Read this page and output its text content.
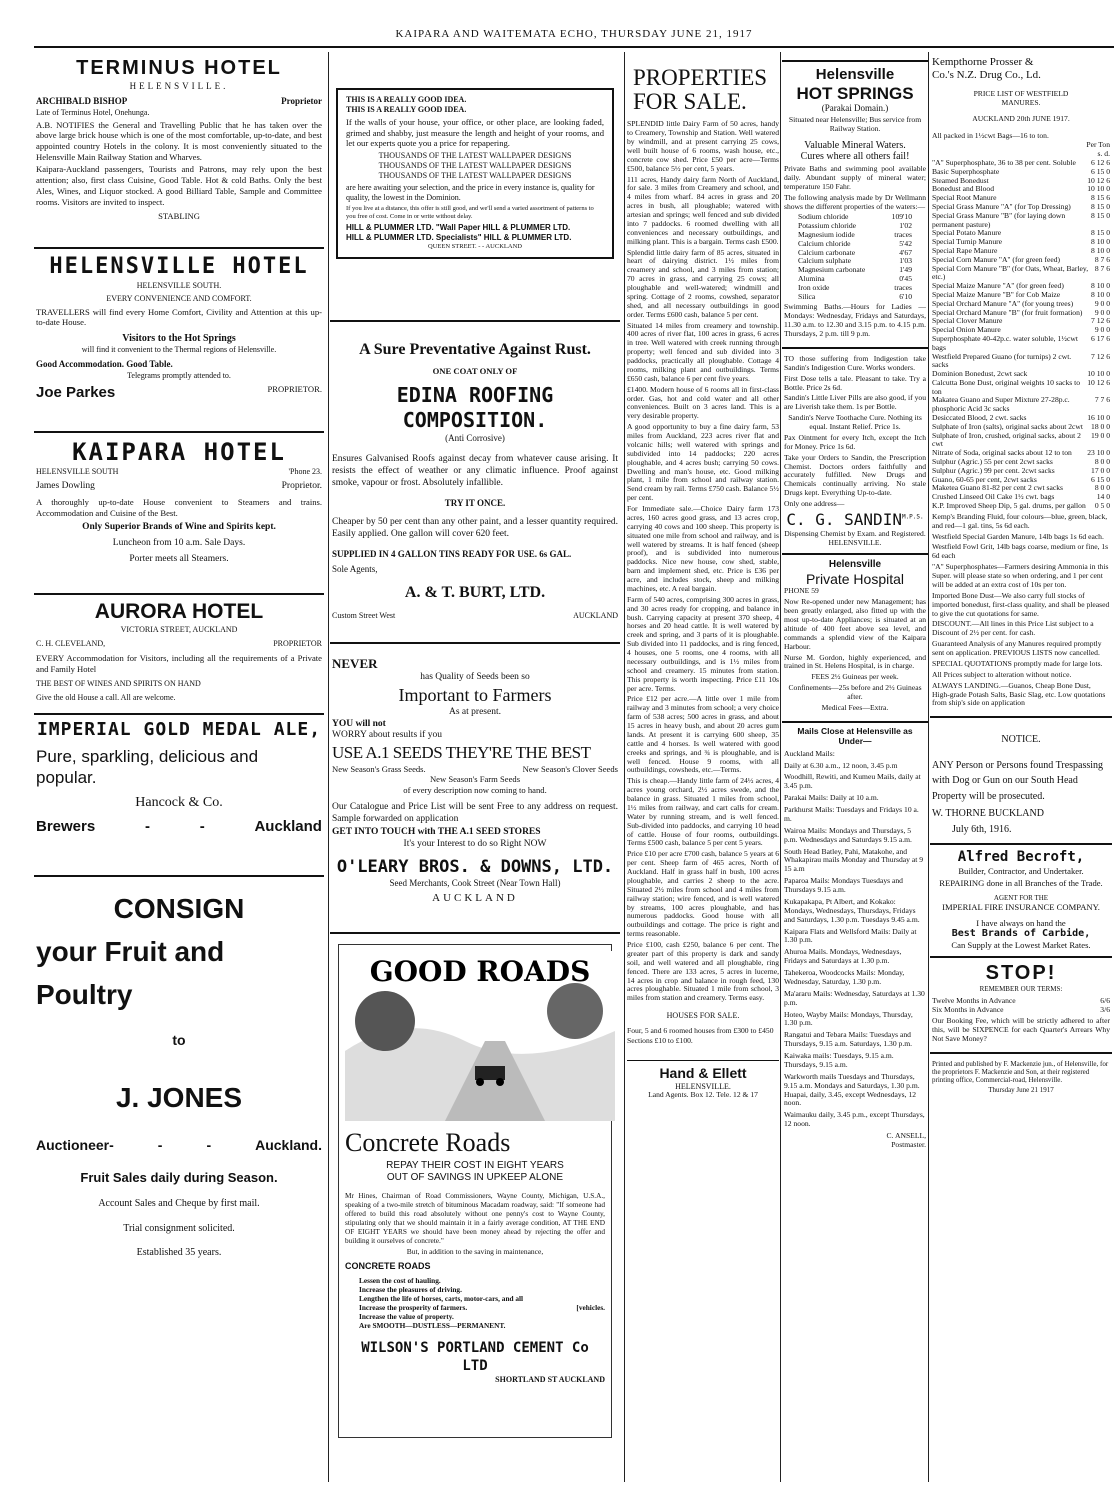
KAIPARA AND WAITEMATA ECHO, THURSDAY JUNE 21, 1917
TERMINUS HOTEL
HELENSVILLE.
ARCHIBALD BISHOP	Proprietor
Late of Terminus Hotel, Onehunga.

A.B. NOTIFIES the General and Travelling Public that he has taken over the above large brick house which is one of the most comfortable, up-to-date, and best appointed country Hotels in the colony. It is most conveniently situated to the Helensville Main Railway Station and Wharves.

Kaipara-Auckland passengers, Tourists and Patrons, may rely upon the best attention; also, first class Cuisine, Good Table. Hot & cold Baths. Only the best Ales, Wines, and Liquor stocked. A good Billiard Table, Sample and Committee rooms. Visitors are invited to inspect.

STABLING
HELENSVILLE HOTEL
HELENSVILLE SOUTH.
EVERY CONVENIENCE AND COMFORT.

TRAVELLERS will find every Home Comfort, Civility and Attention at this up-to-date House.

Visitors to the Hot Springs
will find it convenient to the Thermal regions of Helensville.
Good Accommodation. Good Table.
Telegrams promptly attended to.
Joe Parkes	PROPRIETOR.
KAIPARA HOTEL
HELENSVILLE SOUTH	'Phone 23.
James Dowling	Proprietor.

A thoroughly up-to-date House convenient to Steamers and trains. Accommodation and Cuisine of the Best.

Only Superior Brands of Wine and Spirits kept.
Luncheon from 10 a.m. Sale Days.
Porter meets all Steamers.
AURORA HOTEL
VICTORIA STREET, AUCKLAND
C. H. CLEVELAND,	PROPRIETOR

EVERY Accommodation for Visitors, including all the requirements of a Private and Family Hotel

THE BEST OF WINES AND SPIRITS ON HAND
Give the old House a call. All are welcome.
IMPERIAL GOLD MEDAL ALE,
Pure, sparkling, delicious and popular.
Hancock & Co.
Brewers	-	-	Auckland
CONSIGN
your Fruit and
Poultry
to
J. JONES
Auctioneer-	-	-	Auckland.
Fruit Sales daily during Season.
Account Sales and Cheque by first mail.
Trial consignment solicited.
Established 35 years.
THIS IS A REALLY GOOD IDEA.
THIS IS A REALLY GOOD IDEA.

If the walls of your house, your office, or other place, are looking faded, grimed and shabby, just measure the length and height of your rooms, and let our experts quote you a price for repapering.

THOUSANDS OF THE LATEST WALLPAPER DESIGNS
THOUSANDS OF THE LATEST WALLPAPER DESIGNS
THOUSANDS OF THE LATEST WALLPAPER DESIGNS

are here awaiting your selection, and the price in every instance is, quality for quality, the lowest in the Dominion.

If you live at a distance, this offer is still good, and we'll send a varied assortment of patterns to you free of cost. Come in or write without delay.

HILL & PLUMMER LTD. "Wall Paper HILL & PLUMMER LTD.
HILL & PLUMMER LTD. Specialists" HILL & PLUMMER LTD.
QUEEN STREET. - - AUCKLAND
A Sure Preventative Against Rust.
ONE COAT ONLY OF
EDINA ROOFING COMPOSITION.
(Anti Corrosive)

Ensures Galvanised Roofs against decay from whatever cause arising. It resists the effect of weather or any climatic influence. Proof against smoke, vapour or frost. Absolutely infallible.

TRY IT ONCE.

Cheaper by 50 per cent than any other paint, and a lesser quantity required. Easily applied. One gallon will cover 620 feet.

SUPPLIED IN 4 GALLON TINS READY FOR USE. 6s GAL.
Sole Agents,
A. & T. BURT, LTD.
Custom Street West	AUCKLAND
NEVER
has Quality of Seeds been so
Important to Farmers
As at present.
YOU will not
WORRY about results if you
USE A.1 SEEDS THEY'RE THE BEST
New Season's Grass Seeds.	New Season's Clover Seeds
New Season's Farm Seeds
of every description now coming to hand.

Our Catalogue and Price List will be sent Free to any address on request. Sample forwarded on application

GET INTO TOUCH with THE A.1 SEED STORES
It's your Interest to do so Right NOW
O'LEARY BROS. & DOWNS, LTD.
Seed Merchants, Cook Street (Near Town Hall)
AUCKLAND
GOOD ROADS
Concrete Roads
REPAY THEIR COST IN EIGHT YEARS
OUT OF SAVINGS IN UPKEEP ALONE

Mr Hines, Chairman of Road Commissioners, Wayne County, Michigan, U.S.A., speaking of a two-mile stretch of bituminous Macadam roadway, said: "If someone had offered to build this road absolutely without one penny's cost to Wayne County, stipulating only that we should maintain it in a fairly average condition, AT THE END OF EIGHT YEARS we should have been money ahead by rejecting the offer and building it ourselves of concrete."

But, in addition to the saving in maintenance,
CONCRETE ROADS
Lessen the cost of hauling.
Increase the pleasures of driving.
Lengthen the life of horses, carts, motor-cars, and all
Increase the prosperity of farmers.	[vehicles.
Increase the value of property.
Are SMOOTH—DUSTLESS—PERMANENT.
WILSON'S PORTLAND CEMENT Co LTD
SHORTLAND ST AUCKLAND
PROPERTIES FOR SALE.

SPLENDID little Dairy Farm of 50 acres, handy to Creamery, Township and Station. Well watered by windmill, and at present carrying 25 cows, well built house of 6 rooms, wash house, etc., concrete cow shed. Price £50 per acre—Terms £500, balance 5½ per cent, 5 years.

111 acres, Handy dairy farm North of Auckland, for sale. 3 miles from Creamery and school, and 4 miles from wharf. 84 acres in grass and 20 acres in bush, all ploughable; watered with artesian and springs; well fenced and sub divided into 7 paddocks. 6 roomed dwelling with all conveniences and necessary outbuildings, and milking plant. This is a bargain. Terms cash £500.

Splendid little dairy farm of 85 acres, situated in heart of dairying district. 1½ miles from creamery and school, and 3 miles from station; 70 acres in grass, and carrying 25 cows; all ploughable and well-watered; windmill and spring. Cottage of 2 rooms, cowshed, separator shed, and all necessary outbuildings in good order. Terms £600 cash, balance 5 per cent.

Situated 14 miles from creamery and township. 400 acres of river flat, 100 acres in grass, 6 acres in tree. Well watered with creek running through property; well fenced and sub divided into 3 paddocks, practically all ploughable. Cottage 4 rooms, milking plant and outbuildings. Terms £650 cash, balance 6 per cent five years.

£1400. Modern house of 6 rooms all in first-class order. Gas, hot and cold water and all other conveniences. Built on 3 acres land. This is a very desirable property.

A good opportunity to buy a fine dairy farm, 53 miles from Auckland, 223 acres river flat and volcanic hills; well watered with springs and subdivided into 14 paddocks; 220 acres ploughable, and 4 acres bush; carrying 50 cows. Dwelling and man's house, etc. Good milking plant, 1 mile from school and railway station. Send cream by rail. Terms £750 cash. Balance 5½ per cent.

For Immediate sale.—Choice Dairy farm 173 acres, 160 acres good grass, and 13 acres crop, carrying 40 cows and 100 sheep. This property is situated one mile from school and railway, and is well watered by streams. It is half fenced (sheep proof), and is subdivided into numerous paddocks. Nice new house, cow shed, stable, barn and implement shed, etc. Price is £36 per acre, and includes stock, sheep and milking machines, etc. A real bargain.

Farm of 540 acres, comprising 300 acres in grass, and 30 acres ready for cropping, and balance in bush. Carrying capacity at present 370 sheep, 4 horses and 20 head cattle. It is well watered by creek and spring, and 3 parts of it is ploughable. Sub divided into 11 paddocks, and is ring fenced, 4 houses, one 5 rooms, one 4 rooms, with all necessary outbuildings, and is 1½ miles from school and creamery. 15 minutes from station. This property is worth inspecting. Price £11 10s per acre. Terms.

Price £12 per acre.—A little over 1 mile from railway and 3 minutes from school; a very choice farm of 538 acres; 500 acres in grass, and about 15 acres in heavy bush, and about 20 acres gum lands. At present it is carrying 600 sheep, 35 cattle and 4 horses. Is well watered with good creeks and springs, and ¾ is ploughable, and is well fenced. House 9 rooms, with all outbuildings, cowsheds, etc.—Terms.

This is cheap.—Handy little farm of 24½ acres, 4 acres young orchard, 2½ acres swede, and the balance in grass. Situated 1 miles from school, 1½ miles from railway, and cart calls for cream. Water by running stream, and is well fenced. Sub-divided into paddocks, and carrying 10 head of cattle. House of four rooms, outbuildings. Terms £500 cash, balance 5 per cent 5 years.

Price £10 per acre £700 cash, balance 5 years at 6 per cent. Sheep farm of 465 acres, North of Auckland. Half in grass half in bush, 100 acres ploughable, and carries 2 sheep to the acre. Situated 2½ miles from school and 4 miles from railway station; wire fenced, and is well watered by streams, 100 acres ploughable, and has numerous paddocks. Good house with all outbuildings and cottage. The price is right and terms reasonable.

Price £100, cash £250, balance 6 per cent. The greater part of this property is dark and sandy soil, and well watered and all ploughable, ring fenced. There are 133 acres, 5 acres in lucerne, 14 acres in crop and balance in rough feed, 130 acres ploughable. Situated 1 mile from school, 3 miles from station and creamery. Terms easy.

HOUSES FOR SALE.

Four, 5 and 6 roomed houses from £300 to £450

Sections £10 to £100.

Hand & Ellett
HELENSVILLE.
Land Agents. Box 12. Tele. 12 & 17
Helensville
HOT SPRINGS
(Parakai Domain.)

Situated near Helensville; Bus service from Railway Station.

Valuable Mineral Waters.
Cures where all others fail!

Private Baths and swimming pool available daily. Abundant supply of mineral water; temperature 150 Fahr.

The following analysis made by Dr Wellmann shows the different properties of the waters:—

Sodium chloride	109'10
Potassium chloride	1'02
Magnesium iodide	traces
Calcium chloride	5'42
Calcium carbonate	4'67
Calcium sulphate	1'03
Magnesium carbonate	1'49
Alumina	0'45
Iron oxide	traces
Silica	6'10

Swimming Baths.—Hours for Ladies —Mondays: Wednesday, Fridays and Saturdays, 11.30 a.m. to 12.30 and 3.15 p.m. to 4.15 p.m. Thursdays, 2 p.m. till 9 p.m.

TO those suffering from Indigestion take Sandin's Indigestion Cure. Works wonders.

First Dose tells a tale. Pleasant to take. Try a Bottle. Price 2s 6d.

Sandin's Little Liver Pills are also good, if you are Liverish take them. 1s per Bottle.

Sandin's Nerve Toothache Cure. Nothing its equal. Instant Relief. Price 1s.

Pax Ointment for every Itch, except the Itch for Money. Price 1s 6d.

Take your Orders to Sandin, the Prescription Chemist. Doctors orders faithfully and accurately fulfilled. New Drugs and Chemicals continually arriving. No stale Drugs kept. Everything Up-to-date.

Only one address—

C. G. $SANDIN^{M.P.S.}$
Dispensing Chemist by Exam. and Registered.
HELENSVILLE.
Helensville
Private Hospital
PHONE 59

Now Re-opened under new Management; has been greatly enlarged, also fitted up with the most up-to-date Appliances; is situated at an altitude of 400 feet above sea level, and commands a splendid view of the Kaipara Harbour.

Nurse M. Gordon, highly experienced, and trained in St. Helens Hospital, is in charge.

FEES 2½ Guineas per week.

Confinements—25s before and 2½ Guineas after.

Medical Fees—Extra.

Mails Close at Helensville as Under—

Auckland Mails:

Daily at 6.30 a.m., 12 noon, 3.45 p.m

Woodhill, Rewiti, and Kumeu Mails, daily at 3.45 p.m.

Parakai Mails: Daily at 10 a.m.

Parkhurst Mails: Tuesdays and Fridays 10 a. m.

Wairoa Mails: Mondays and Thursdays, 5 p.m. Wednesdays and Saturdays 9.15 a.m.

South Head Batley, Pahi, Matakohe, and Whakapirau mails Monday and Thursday at 9 15 a.m

Paparoa Mails: Mondays Tuesdays and Thursdays 9.15 a.m.

Kukapakapa, Pt Albert, and Kokako: Mondays, Wednesdays, Thursdays, Fridays and Saturdays, 1.30 p.m. Tuesdays 9.45 a.m.

Kaipara Flats and Wellsford Mails: Daily at 1.30 p.m.

Ahuroa Mails. Mondays, Wednesdays, Fridays and Saturdays at 1.30 p.m.

Tahekeroa, Woodcocks Mails: Monday, Wednesday, Saturday, 1.30 p.m.

Ma'araru Mails: Wednesday, Saturdays at 1.30 p.m.

Hoteo, Wayby Mails: Mondays, Thursday, 1.30 p.m.

Rangatui and Tebara Mails: Tuesdays and Thursdays, 9.15 a.m. Saturdays, 1.30 p.m.

Kaiwaka mails: Tuesdays, 9.15 a.m. Thursdays, 9.15 a.m.

Warkworth mails Tuesdays and Thursdays, 9.15 a.m. Mondays and Saturdays, 1.30 p.m. Huapai, daily, 3.45, except Wednesdays, 12 noon.

Waimauku daily, 3.45 p.m., except Thursdays, 12 noon.

C. ANSELL,
Postmaster.
Kempthorne Prosser &
Co.'s N.Z. Drug Co., Ld.
PRICE LIST OF WESTFIELD
MANURES.
AUCKLAND 20th JUNE 1917.
All packed in 1½cwt Bags—16 to ton.
Per Ton
s. d.
"A" Superphosphate, 36 to 38 per cent. Soluble	6 12 6
Basic Superphosphate	6 15 0
Steamed Bonedust	10 12 6
Bonedust and Blood	10 10 0
Special Root Manure	8 15 6
Special Grass Manure "A" (for Top Dressing)	8 15 0
Special Grass Manure "B" (for laying down permanent pasture)
8 15 0
Special Potato Manure	8 15 0
Special Turnip Manure	8 10 0
Special Rape Manure	8 10 0
Special Corn Manure "A" (for green feed)	8 7 6
Special Corn Manure "B" (for Oats, Wheat, Barley, etc.)
8 7 6
Special Maize Manure "A" (for green feed)	8 10 0
Special Maize Manure "B" for Cob Maize	8 10 0
Special Orchard Manure "A" (for young trees)	9 0 0
Special Orchard Manure "B" (for fruit formation)	9 0 0
Special Clover Manure	7 12 6
Special Onion Manure	9 0 0
Superphosphate 40-42p.c. water soluble, 1½cwt bags
6 17 6
Westfield Prepared Guano (for turnips) 2 cwt. sacks
7 12 6
Dominion Bonedust, 2cwt sack	10 10 0
Calcutta Bone Dust, original weights 10 sacks to ton
10 12 6
Makatea Guano and Super Mixture 27-28p.c. phosphoric Acid 3c sacks
7 7 6
Desiccated Blood, 2 cwt. sacks	16 10 0
Sulphate of Iron (salts), original sacks about 2cwt	18 0 0
Sulphate of Iron, crushed, original sacks, about 2 cwt
19 0 0
Nitrate of Soda, original sacks about 12 to ton	23 10 0
Sulphur (Agric.) 55 per cent 2cwt sacks	8 0 0
Sulphur (Agric.) 99 per cent. 2cwt sacks	17 0 0
Guano, 60-65 per cent, 2cwt sacks	6 15 0
Maketea Guano 81-82 per cent 2 cwt sacks	8 0 0
Crushed Linseed Oil Cake 1½ cwt. bags	14 0
K.P. Improved Sheep Dip, 5 gal. drums, per gallon	0 5 0

Kemp's Branding Fluid, four colours—blue, green, black, and red—1 gal. tins, 5s 6d each.

Westfield Special Garden Manure, 14lb bags 1s 6d each.

Westfield Fowl Grit, 14lb bags coarse, medium or fine, 1s 6d each

"A" Superphosphates—Farmers desiring Ammonia in this Super. will please state so when ordering, and 1 per cent will be added at an extra cost of 10s per ton.

Imported Bone Dust—We also carry full stocks of imported bonedust, first-class quality, and shall be pleased to give the cut quotations for same.

DISCOUNT.—All lines in this Price List subject to a Discount of 2½ per cent. for cash.

Guaranteed Analysis of any Manures required promptly sent on application. PREVIOUS LISTS now cancelled.

SPECIAL QUOTATIONS promptly made for large lots.

All Prices subject to alteration without notice.

ALWAYS LANDING.—Guanos, Cheap Bone Dust, High-grade Potash Salts, Basic Slag, etc. Low quotations from ship's side on application

NOTICE.

ANY Person or Persons found Trespassing with Dog or Gun on our South Head Property will be prosecuted.

W. THORNE BUCKLAND
July 6th, 1916.
Alfred Becroft,
Builder, Contractor, and Undertaker.

REPAIRING done in all Branches of the Trade.

AGENT FOR THE
IMPERIAL FIRE INSURANCE COMPANY.
I have always on hand the
Best Brands of Carbide,
Can Supply at the Lowest Market Rates.
STOP!
REMEMBER OUR TERMS:
Twelve Months in Advance	6/6
Six Months in Advance	3/6

Our Booking Fee, which will be strictly adhered to after this, will be SIXPENCE for each Quarter's Arrears Why Not Save Money?

Printed and published by F. Mackenzie jun., of Helensville, for the proprietors F. Mackenzie and Son, at their registered printing office, Commercial-road, Helensville.

Thursday June 21 1917
